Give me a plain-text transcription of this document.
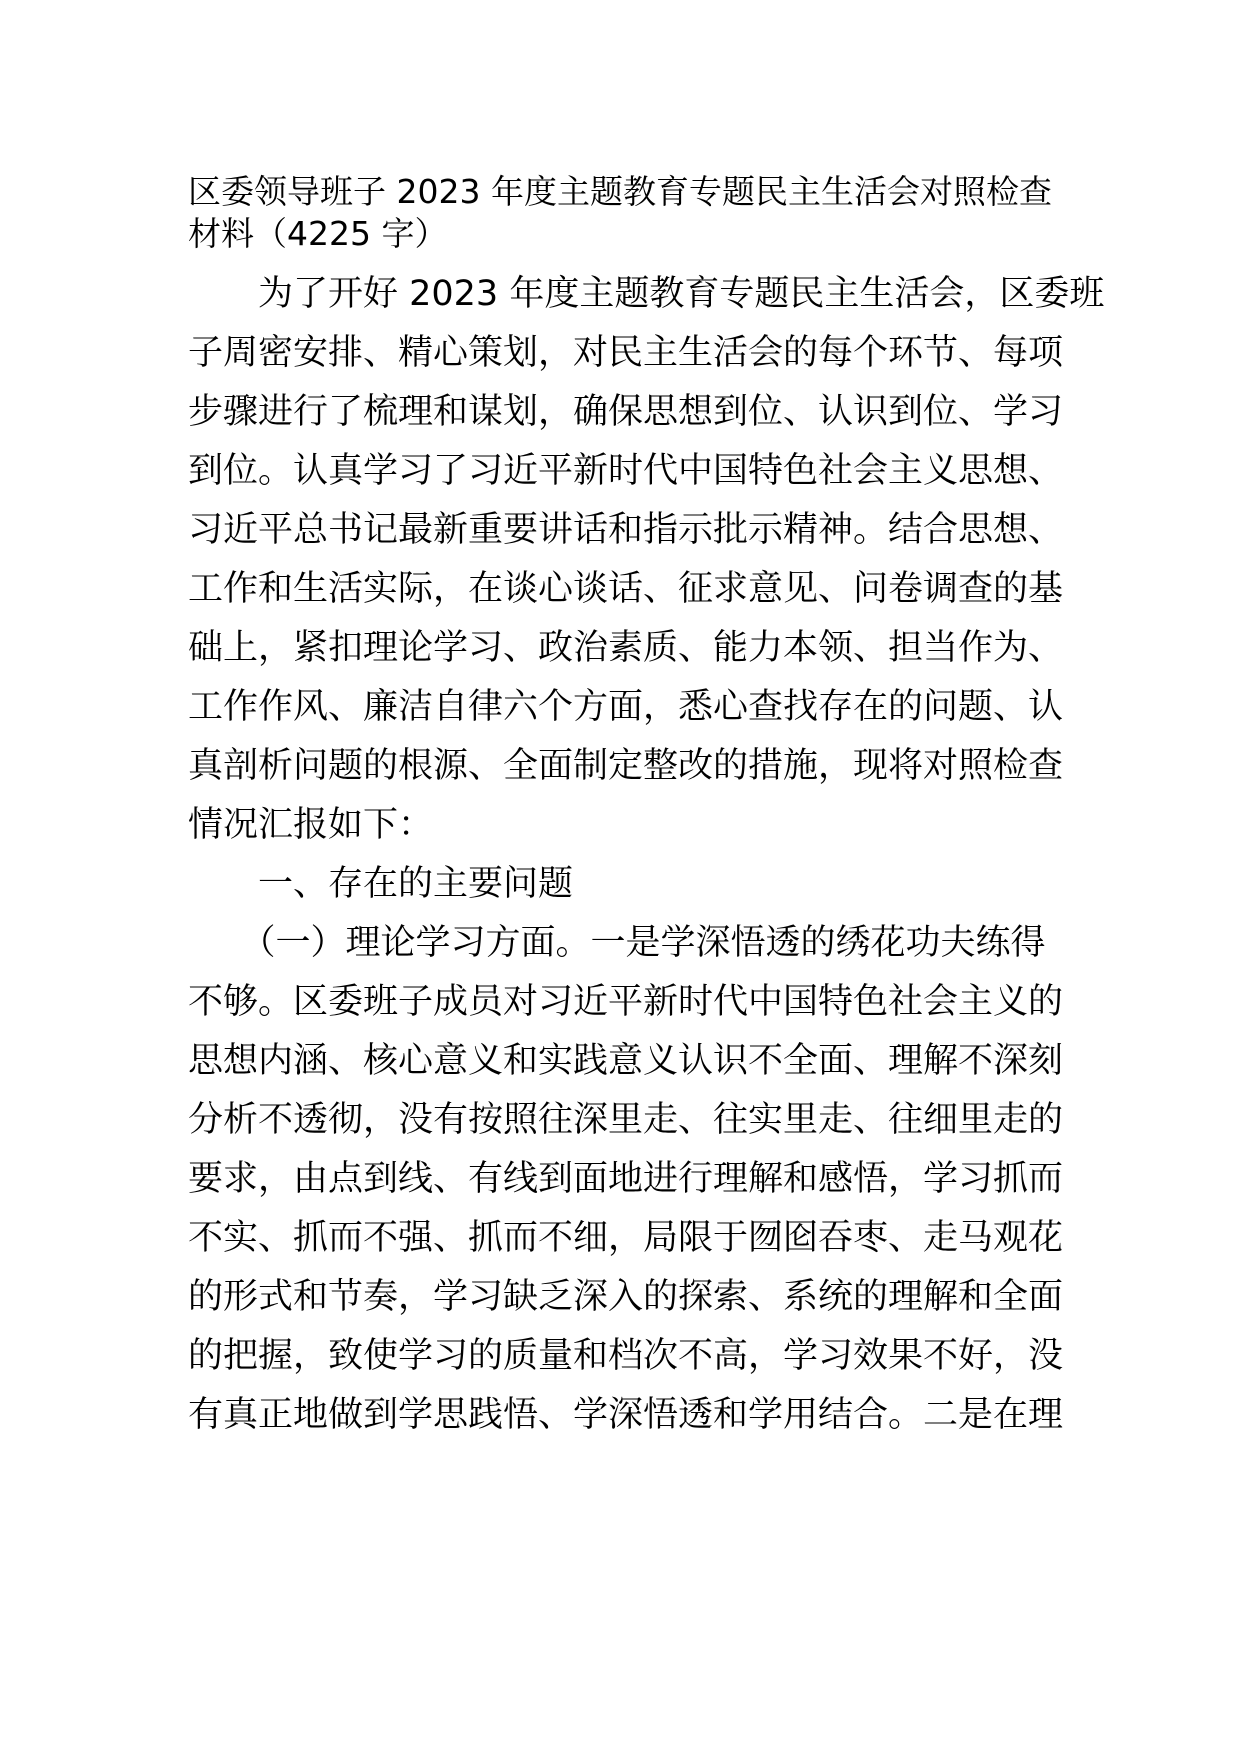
区委领导班子 2023 年度主题教育专题民主生活会对照检查
材料（4225 字）
　　为了开好 2023 年度主题教育专题民主生活会，区委班
子周密安排、精心策划，对民主生活会的每个环节、每项
步骤进行了梳理和谋划，确保思想到位、认识到位、学习
到位。认真学习了习近平新时代中国特色社会主义思想、
习近平总书记最新重要讲话和指示批示精神。结合思想、
工作和生活实际，在谈心谈话、征求意见、问卷调查的基
础上，紧扣理论学习、政治素质、能力本领、担当作为、
工作作风、廉洁自律六个方面，悉心查找存在的问题、认
真剖析问题的根源、全面制定整改的措施，现将对照检查
情况汇报如下：
　　一、存在的主要问题
　　（一）理论学习方面。一是学深悟透的绣花功夫练得
不够。区委班子成员对习近平新时代中国特色社会主义的
思想内涵、核心意义和实践意义认识不全面、理解不深刻
分析不透彻，没有按照往深里走、往实里走、往细里走的
要求，由点到线、有线到面地进行理解和感悟，学习抓而
不实、抓而不强、抓而不细，局限于囫囵吞枣、走马观花
的形式和节奏，学习缺乏深入的探索、系统的理解和全面
的把握，致使学习的质量和档次不高，学习效果不好，没
有真正地做到学思践悟、学深悟透和学用结合。二是在理
